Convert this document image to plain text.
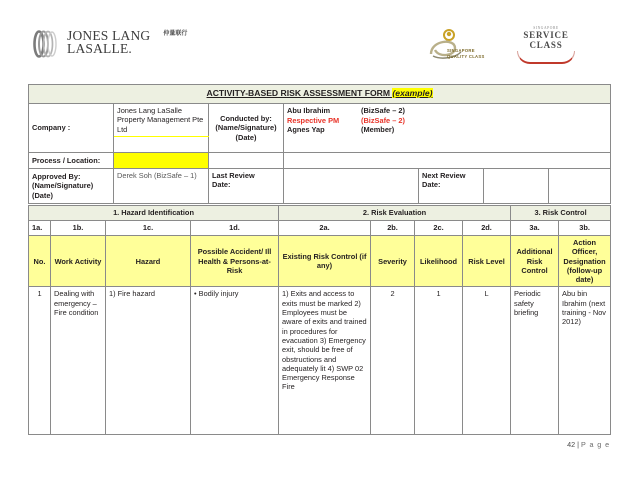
JONES LANG
LASALLE.
仲量联行
SINGAPORE
QUALITY CLASS
SINGAPORE
SERVICE
CLASS
ACTIVITY-BASED RISK ASSESSMENT FORM (example)						
Company :	Jones Lang LaSalle Property Management Pte Ltd	
Conducted by:
(Name/Signature)
(Date)

Abu Ibrahim	(BizSafe – 2)
Respective PM	(BizSafe – 2)
Agnes Yap	(Member)

Process / Location:						

Approved By:
(Name/Signature)
(Date)
	Derek Soh (BizSafe – 1)	Last Review
Date:

Next Review
Date:

1. Hazard Identification				2. Risk Evaluation				3. Risk Control	
1a.	1b.	1c.	1d.	2a.	2b.	2c.	2d.	3a.	3b.
No.	Work Activity	Hazard	Possible Accident/ Ill Health & Persons-at-Risk	Existing Risk Control (if any)	Severity	Likelihood	Risk Level	Additional Risk Control	Action Officer, Designation (follow-up date)
1	Dealing with emergency – Fire condition	1) Fire hazard	• Bodily injury	1) Exits and access to exits must be marked 2) Employees must be aware of exits and trained in procedures for evacuation 3) Emergency exit, should be free of obstructions and adequately lit 4) SWP 02 Emergency Response Fire	2	1	L	Periodic safety briefing	Abu bin Ibrahim (next training - Nov 2012)
42 | P a g e
